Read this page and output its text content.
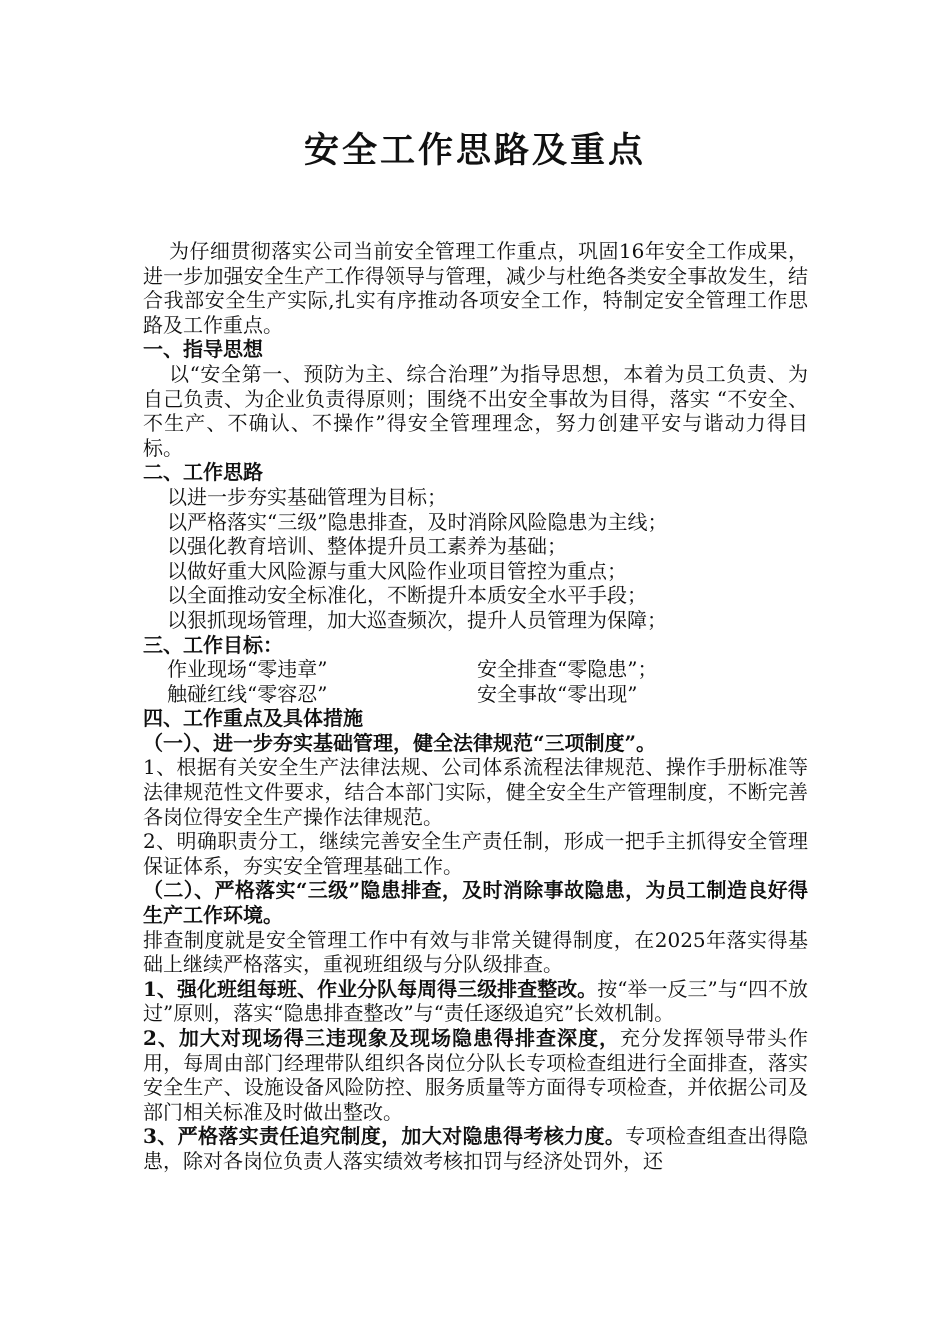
安全工作思路及重点

为仔细贯彻落实公司当前安全管理工作重点，巩固16年安全工作成果，进一步加强安全生产工作得领导与管理，减少与杜绝各类安全事故发生，结合我部安全生产实际,扎实有序推动各项安全工作，特制定安全管理工作思路及工作重点。

一、指导思想

以“安全第一、预防为主、综合治理”为指导思想，本着为员工负责、为自己负责、为企业负责得原则；围绕不出安全事故为目得，落实 “不安全、不生产、不确认、不操作”得安全管理理念，努力创建平安与谐动力得目标。

二、工作思路

以进一步夯实基础管理为目标；

以严格落实“三级”隐患排查，及时消除风险隐患为主线；

以强化教育培训、整体提升员工素养为基础；

以做好重大风险源与重大风险作业项目管控为重点；

以全面推动安全标准化，不断提升本质安全水平手段；

以狠抓现场管理，加大巡查频次，提升人员管理为保障；

三、工作目标：

作业现场“零违章”	安全排查“零隐患”；
触碰红线“零容忍”	安全事故“零出现”

四、工作重点及具体措施

（一）、进一步夯实基础管理，健全法律规范“三项制度”。

1、根据有关安全生产法律法规、公司体系流程法律规范、操作手册标准等法律规范性文件要求，结合本部门实际，健全安全生产管理制度，不断完善各岗位得安全生产操作法律规范。

2、明确职责分工，继续完善安全生产责任制，形成一把手主抓得安全管理保证体系，夯实安全管理基础工作。

（二）、严格落实“三级”隐患排查，及时消除事故隐患，为员工制造良好得生产工作环境。

排查制度就是安全管理工作中有效与非常关键得制度，在2025年落实得基础上继续严格落实，重视班组级与分队级排查。

1、强化班组每班、作业分队每周得三级排查整改。按“举一反三”与“四不放过”原则，落实“隐患排查整改”与“责任逐级追究”长效机制。

2、加大对现场得三违现象及现场隐患得排查深度，充分发挥领导带头作用，每周由部门经理带队组织各岗位分队长专项检查组进行全面排查，落实安全生产、设施设备风险防控、服务质量等方面得专项检查，并依据公司及部门相关标准及时做出整改。

3、严格落实责任追究制度，加大对隐患得考核力度。专项检查组查出得隐患，除对各岗位负责人落实绩效考核扣罚与经济处罚外，还
